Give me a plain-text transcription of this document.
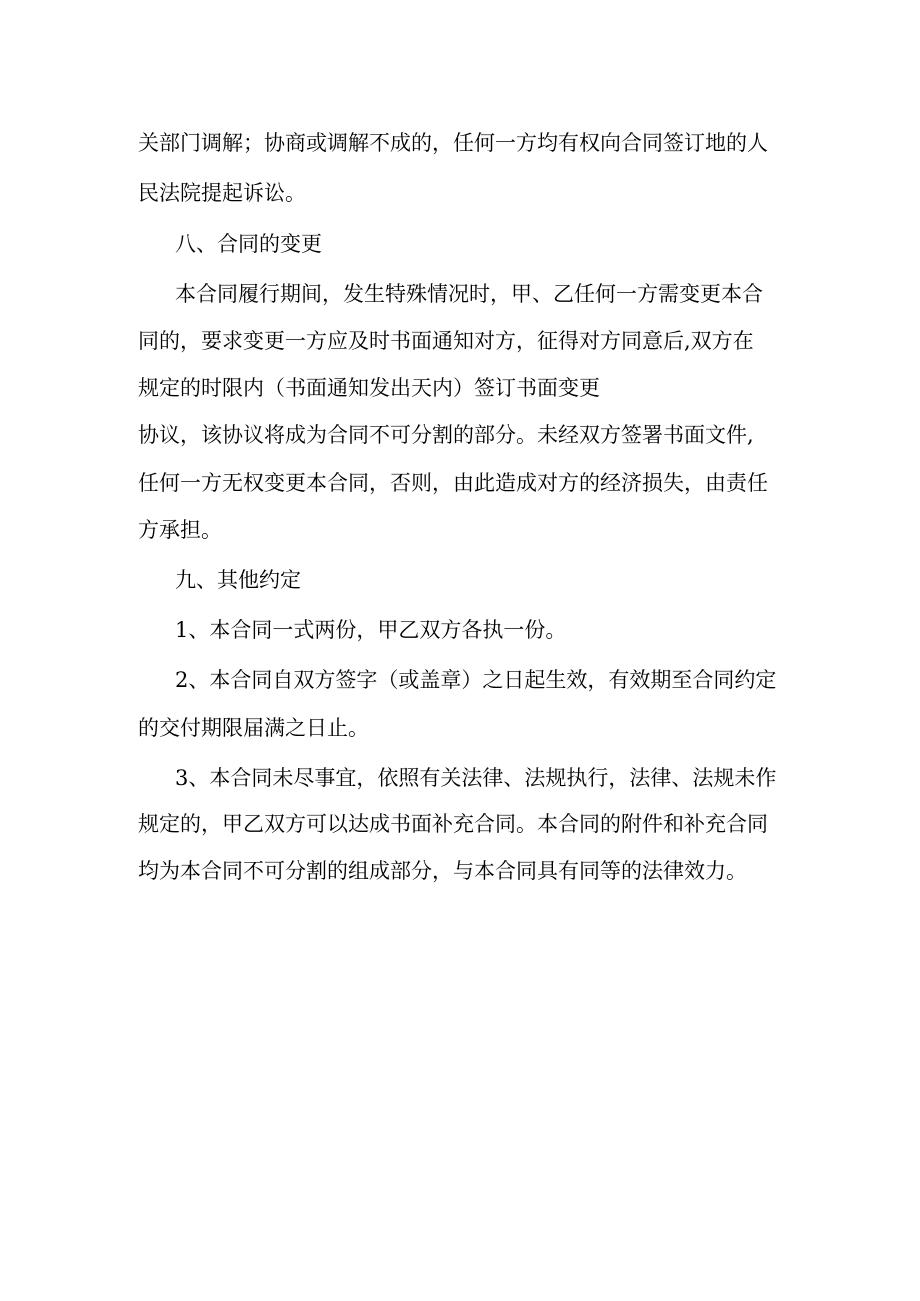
关部门调解；协商或调解不成的，任何一方均有权向合同签订地的人
民法院提起诉讼。
八、合同的变更
本合同履行期间，发生特殊情况时，甲、乙任何一方需变更本合
同的，要求变更一方应及时书面通知对方，征得对方同意后,双方在
规定的时限内（书面通知发出天内）签订书面变更
协议，该协议将成为合同不可分割的部分。未经双方签署书面文件,
任何一方无权变更本合同，否则，由此造成对方的经济损失，由责任
方承担。
九、其他约定
1、本合同一式两份，甲乙双方各执一份。
2、本合同自双方签字（或盖章）之日起生效，有效期至合同约定
的交付期限届满之日止。
3、本合同未尽事宜，依照有关法律、法规执行，法律、法规未作
规定的，甲乙双方可以达成书面补充合同。本合同的附件和补充合同
均为本合同不可分割的组成部分，与本合同具有同等的法律效力。
